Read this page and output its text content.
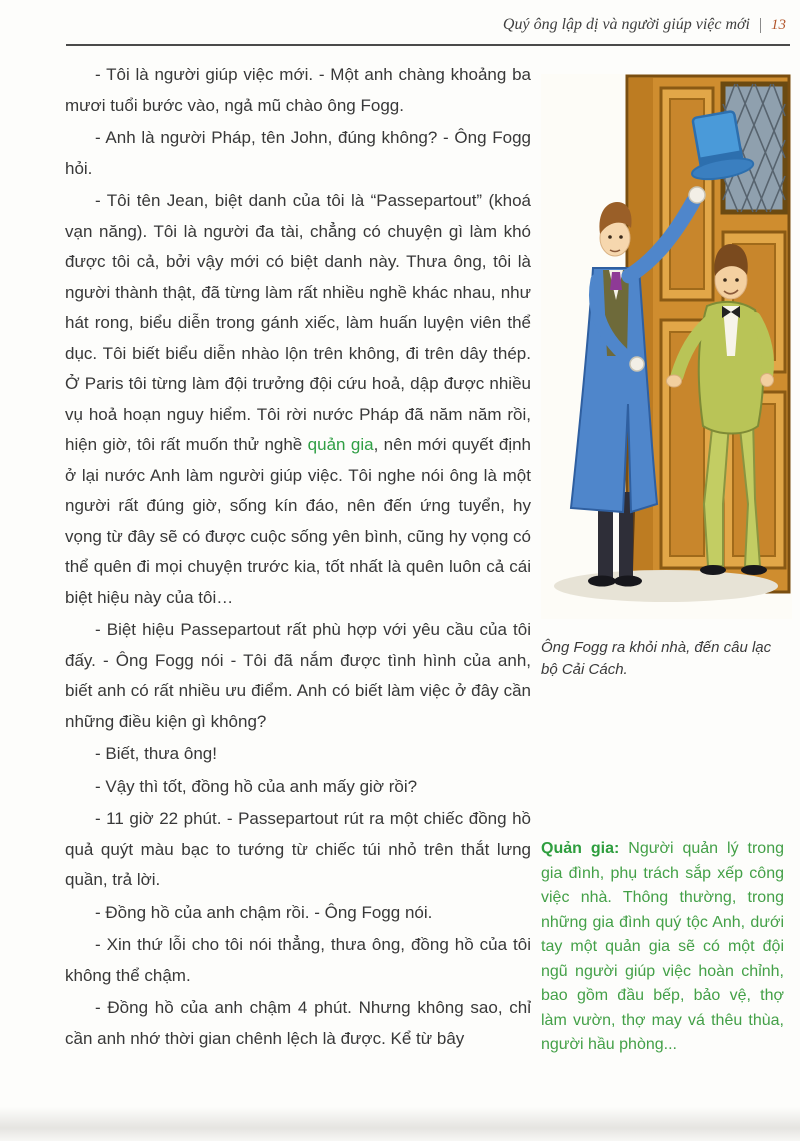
Quý ông lập dị và người giúp việc mới 13

- Tôi là người giúp việc mới. - Một anh chàng khoảng ba mươi tuổi bước vào, ngả mũ chào ông Fogg.

- Anh là người Pháp, tên John, đúng không? - Ông Fogg hỏi.

- Tôi tên Jean, biệt danh của tôi là “Passepartout” (khoá vạn năng). Tôi là người đa tài, chẳng có chuyện gì làm khó được tôi cả, bởi vậy mới có biệt danh này. Thưa ông, tôi là người thành thật, đã từng làm rất nhiều nghề khác nhau, như hát rong, biểu diễn trong gánh xiếc, làm huấn luyện viên thể dục. Tôi biết biểu diễn nhào lộn trên không, đi trên dây thép. Ở Paris tôi từng làm đội trưởng đội cứu hoả, dập được nhiều vụ hoả hoạn nguy hiểm. Tôi rời nước Pháp đã năm năm rồi, hiện giờ, tôi rất muốn thử nghề quản gia, nên mới quyết định ở lại nước Anh làm người giúp việc. Tôi nghe nói ông là một người rất đúng giờ, sống kín đáo, nên đến ứng tuyển, hy vọng từ đây sẽ có được cuộc sống yên bình, cũng hy vọng có thể quên đi mọi chuyện trước kia, tốt nhất là quên luôn cả cái biệt hiệu này của tôi…

- Biệt hiệu Passepartout rất phù hợp với yêu cầu của tôi đấy. - Ông Fogg nói - Tôi đã nắm được tình hình của anh, biết anh có rất nhiều ưu điểm. Anh có biết làm việc ở đây cần những điều kiện gì không?

- Biết, thưa ông!

- Vậy thì tốt, đồng hồ của anh mấy giờ rồi?

- 11 giờ 22 phút. - Passepartout rút ra một chiếc đồng hồ quả quýt màu bạc to tướng từ chiếc túi nhỏ trên thắt lưng quần, trả lời.

- Đồng hồ của anh chậm rồi. - Ông Fogg nói.

- Xin thứ lỗi cho tôi nói thẳng, thưa ông, đồng hồ của tôi không thể chậm.

- Đồng hồ của anh chậm 4 phút. Nhưng không sao, chỉ cần anh nhớ thời gian chênh lệch là được. Kể từ bây

Ông Fogg ra khỏi nhà, đến câu lạc bộ Cải Cách.

Quản gia: Người quản lý trong gia đình, phụ trách sắp xếp công việc nhà. Thông thường, trong những gia đình quý tộc Anh, dưới tay một quản gia sẽ có một đội ngũ người giúp việc hoàn chỉnh, bao gồm đầu bếp, bảo vệ, thợ làm vườn, thợ may vá thêu thùa, người hầu phòng...
